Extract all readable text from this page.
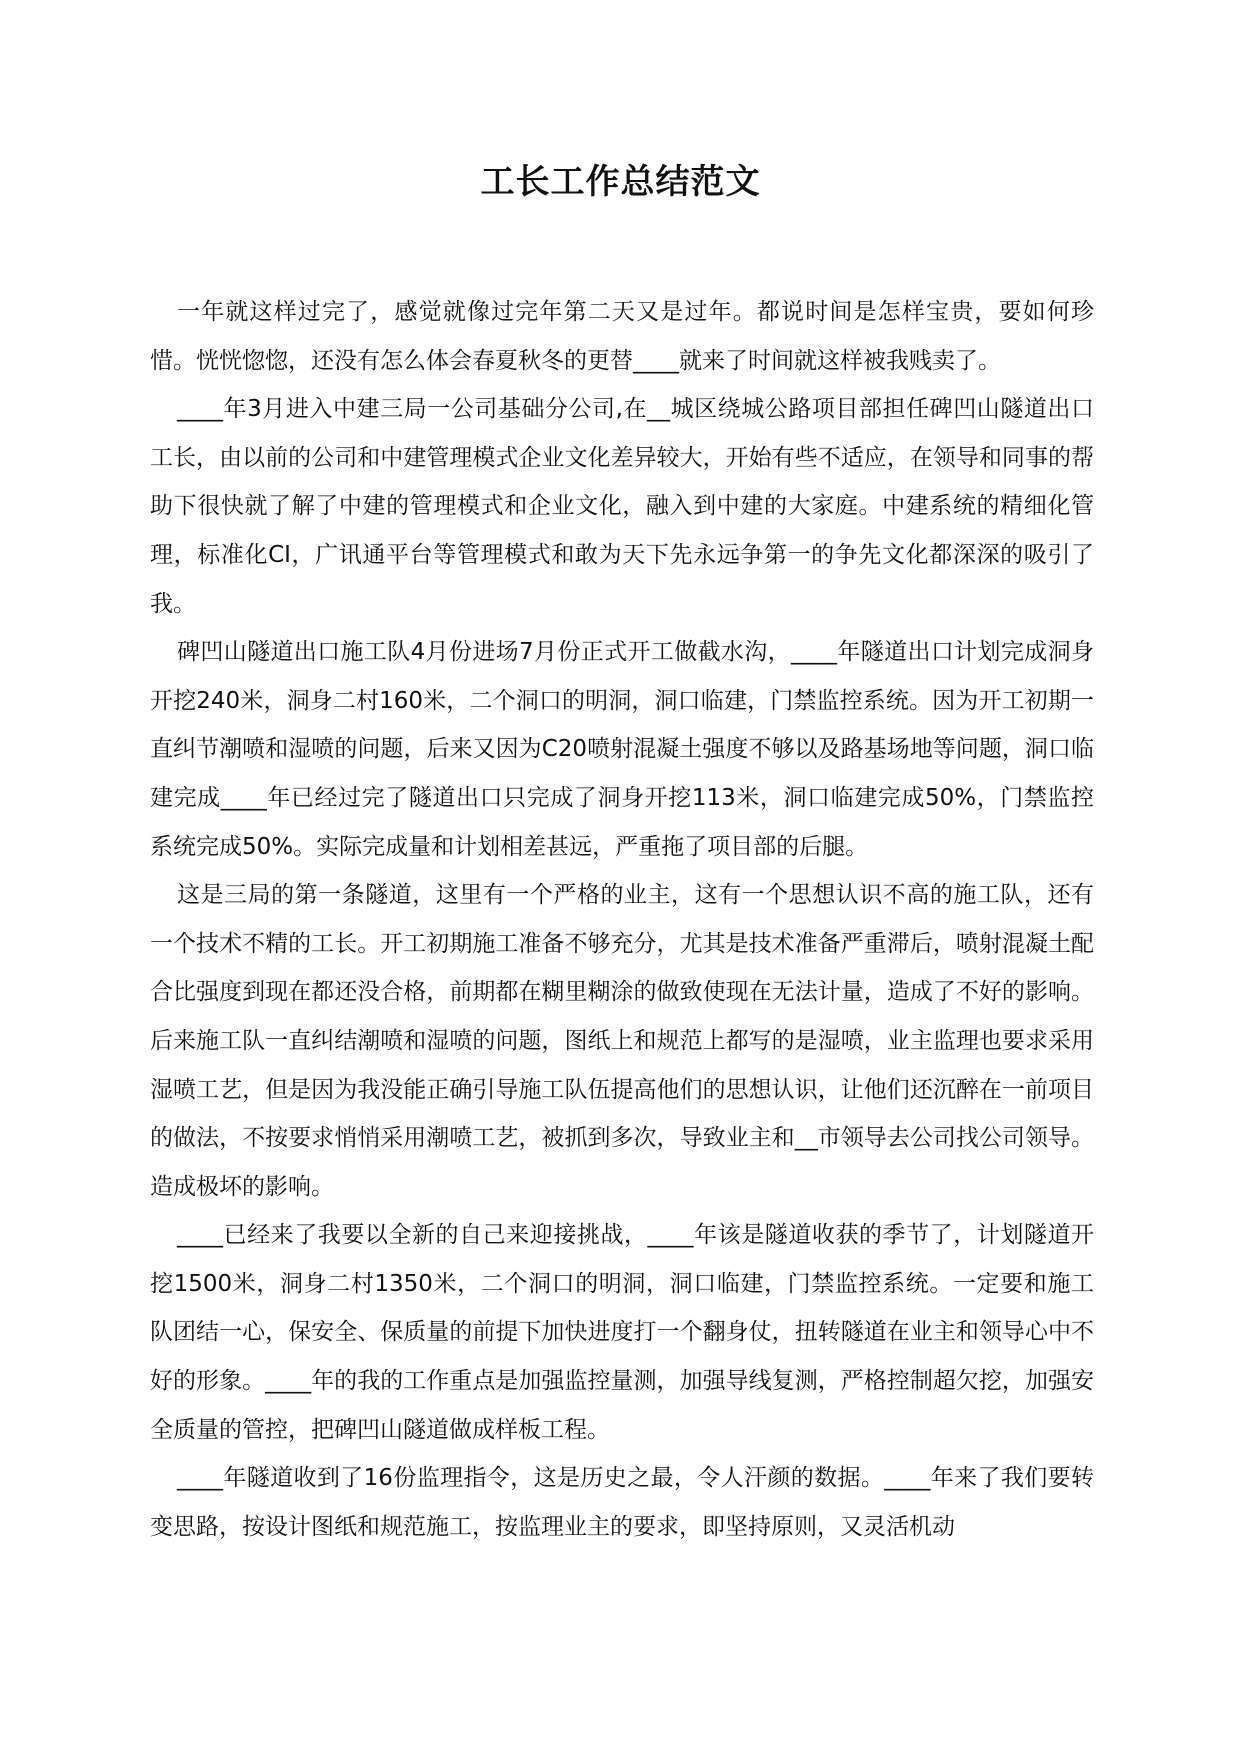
工长工作总结范文

一年就这样过完了，感觉就像过完年第二天又是过年。都说时间是怎样宝贵，要如何珍惜。恍恍惚惚，还没有怎么体会春夏秋冬的更替____就来了时间就这样被我贱卖了。

____年3月进入中建三局一公司基础分公司,在__城区绕城公路项目部担任碑凹山隧道出口工长，由以前的公司和中建管理模式企业文化差异较大，开始有些不适应，在领导和同事的帮助下很快就了解了中建的管理模式和企业文化，融入到中建的大家庭。中建系统的精细化管理，标准化CI，广讯通平台等管理模式和敢为天下先永远争第一的争先文化都深深的吸引了我。

碑凹山隧道出口施工队4月份进场7月份正式开工做截水沟，____年隧道出口计划完成洞身开挖240米，洞身二村160米，二个洞口的明洞，洞口临建，门禁监控系统。因为开工初期一直纠节潮喷和湿喷的问题，后来又因为C20喷射混凝土强度不够以及路基场地等问题，洞口临建完成____年已经过完了隧道出口只完成了洞身开挖113米，洞口临建完成50%，门禁监控系统完成50%。实际完成量和计划相差甚远，严重拖了项目部的后腿。

这是三局的第一条隧道，这里有一个严格的业主，这有一个思想认识不高的施工队，还有一个技术不精的工长。开工初期施工准备不够充分，尤其是技术准备严重滞后，喷射混凝土配合比强度到现在都还没合格，前期都在糊里糊涂的做致使现在无法计量，造成了不好的影响。后来施工队一直纠结潮喷和湿喷的问题，图纸上和规范上都写的是湿喷，业主监理也要求采用湿喷工艺，但是因为我没能正确引导施工队伍提高他们的思想认识，让他们还沉醉在一前项目的做法，不按要求悄悄采用潮喷工艺，被抓到多次，导致业主和__市领导去公司找公司领导。造成极坏的影响。

____已经来了我要以全新的自己来迎接挑战，____年该是隧道收获的季节了，计划隧道开挖1500米，洞身二村1350米，二个洞口的明洞，洞口临建，门禁监控系统。一定要和施工队团结一心，保安全、保质量的前提下加快进度打一个翻身仗，扭转隧道在业主和领导心中不好的形象。____年的我的工作重点是加强监控量测，加强导线复测，严格控制超欠挖，加强安全质量的管控，把碑凹山隧道做成样板工程。

____年隧道收到了16份监理指令，这是历史之最，令人汗颜的数据。____年来了我们要转变思路，按设计图纸和规范施工，按监理业主的要求，即坚持原则，又灵活机动
